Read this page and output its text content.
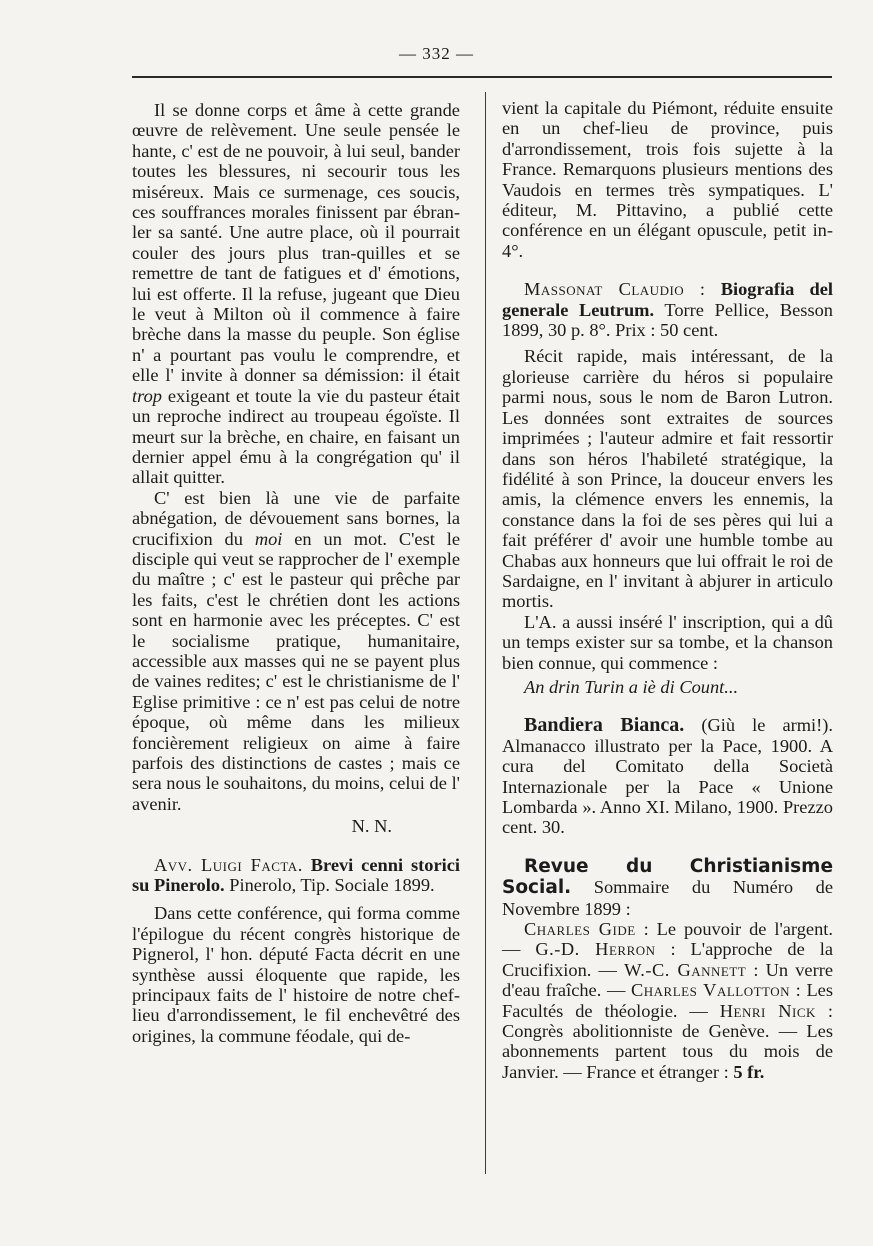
— 332 —

Il se donne corps et âme à cette grande œuvre de relèvement. Une seule pensée le hante, c' est de ne pouvoir, à lui seul, bander toutes les blessures, ni secourir tous les miséreux. Mais ce surmenage, ces soucis, ces souffrances morales finissent par ébran-ler sa santé. Une autre place, où il pourrait couler des jours plus tran-quilles et se remettre de tant de fatigues et d' émotions, lui est offerte. Il la refuse, jugeant que Dieu le veut à Milton où il commence à faire brèche dans la masse du peuple. Son église n' a pourtant pas voulu le comprendre, et elle l' invite à donner sa démission: il était trop exigeant et toute la vie du pasteur était un reproche indirect au troupeau égoïste. Il meurt sur la brèche, en chaire, en faisant un dernier appel ému à la congrégation qu' il allait quitter.

C' est bien là une vie de parfaite abnégation, de dévouement sans bornes, la crucifixion du moi en un mot. C'est le disciple qui veut se rapprocher de l' exemple du maître ; c' est le pasteur qui prêche par les faits, c'est le chrétien dont les actions sont en harmonie avec les préceptes. C' est le socialisme pratique, humanitaire, accessible aux masses qui ne se payent plus de vaines redites; c' est le christianisme de l' Eglise primitive : ce n' est pas celui de notre époque, où même dans les milieux foncièrement religieux on aime à faire parfois des distinctions de castes ; mais ce sera nous le souhaitons, du moins, celui de l' avenir.

N. N.

Avv. Luigi Facta. Brevi cenni storici su Pinerolo. Pinerolo, Tip. Sociale 1899.

Dans cette conférence, qui forma comme l'épilogue du récent congrès historique de Pignerol, l' hon. député Facta décrit en une synthèse aussi éloquente que rapide, les principaux faits de l' histoire de notre chef-lieu d'arrondissement, le fil enchevêtré des origines, la commune féodale, qui de-

vient la capitale du Piémont, réduite ensuite en un chef-lieu de province, puis d'arrondissement, trois fois sujette à la France. Remarquons plusieurs mentions des Vaudois en termes très sympatiques. L' éditeur, M. Pittavino, a publié cette conférence en un élégant opuscule, petit in-4°.

Massonat Claudio : Biografia del generale Leutrum. Torre Pellice, Besson 1899, 30 p. 8°. Prix : 50 cent.

Récit rapide, mais intéressant, de la glorieuse carrière du héros si populaire parmi nous, sous le nom de Baron Lutron. Les données sont extraites de sources imprimées ; l'auteur admire et fait ressortir dans son héros l'habileté stratégique, la fidélité à son Prince, la douceur envers les amis, la clémence envers les ennemis, la constance dans la foi de ses pères qui lui a fait préférer d' avoir une humble tombe au Chabas aux honneurs que lui offrait le roi de Sardaigne, en l' invitant à abjurer in articulo mortis.

L'A. a aussi inséré l' inscription, qui a dû un temps exister sur sa tombe, et la chanson bien connue, qui commence :

An drin Turin a iè di Count...

Bandiera Bianca. (Giù le armi!). Almanacco illustrato per la Pace, 1900. A cura del Comitato della Società Internazionale per la Pace « Unione Lombarda ». Anno XI. Milano, 1900. Prezzo cent. 30.

Revue du Christianisme Social. Sommaire du Numéro de Novembre 1899 :

Charles Gide : Le pouvoir de l'argent. — G.-D. Herron : L'approche de la Crucifixion. — W.-C. Gannett : Un verre d'eau fraîche. — Charles Vallotton : Les Facultés de théologie. — Henri Nick : Congrès abolitionniste de Genève. — Les abonnements partent tous du mois de Janvier. — France et étranger : 5 fr.
